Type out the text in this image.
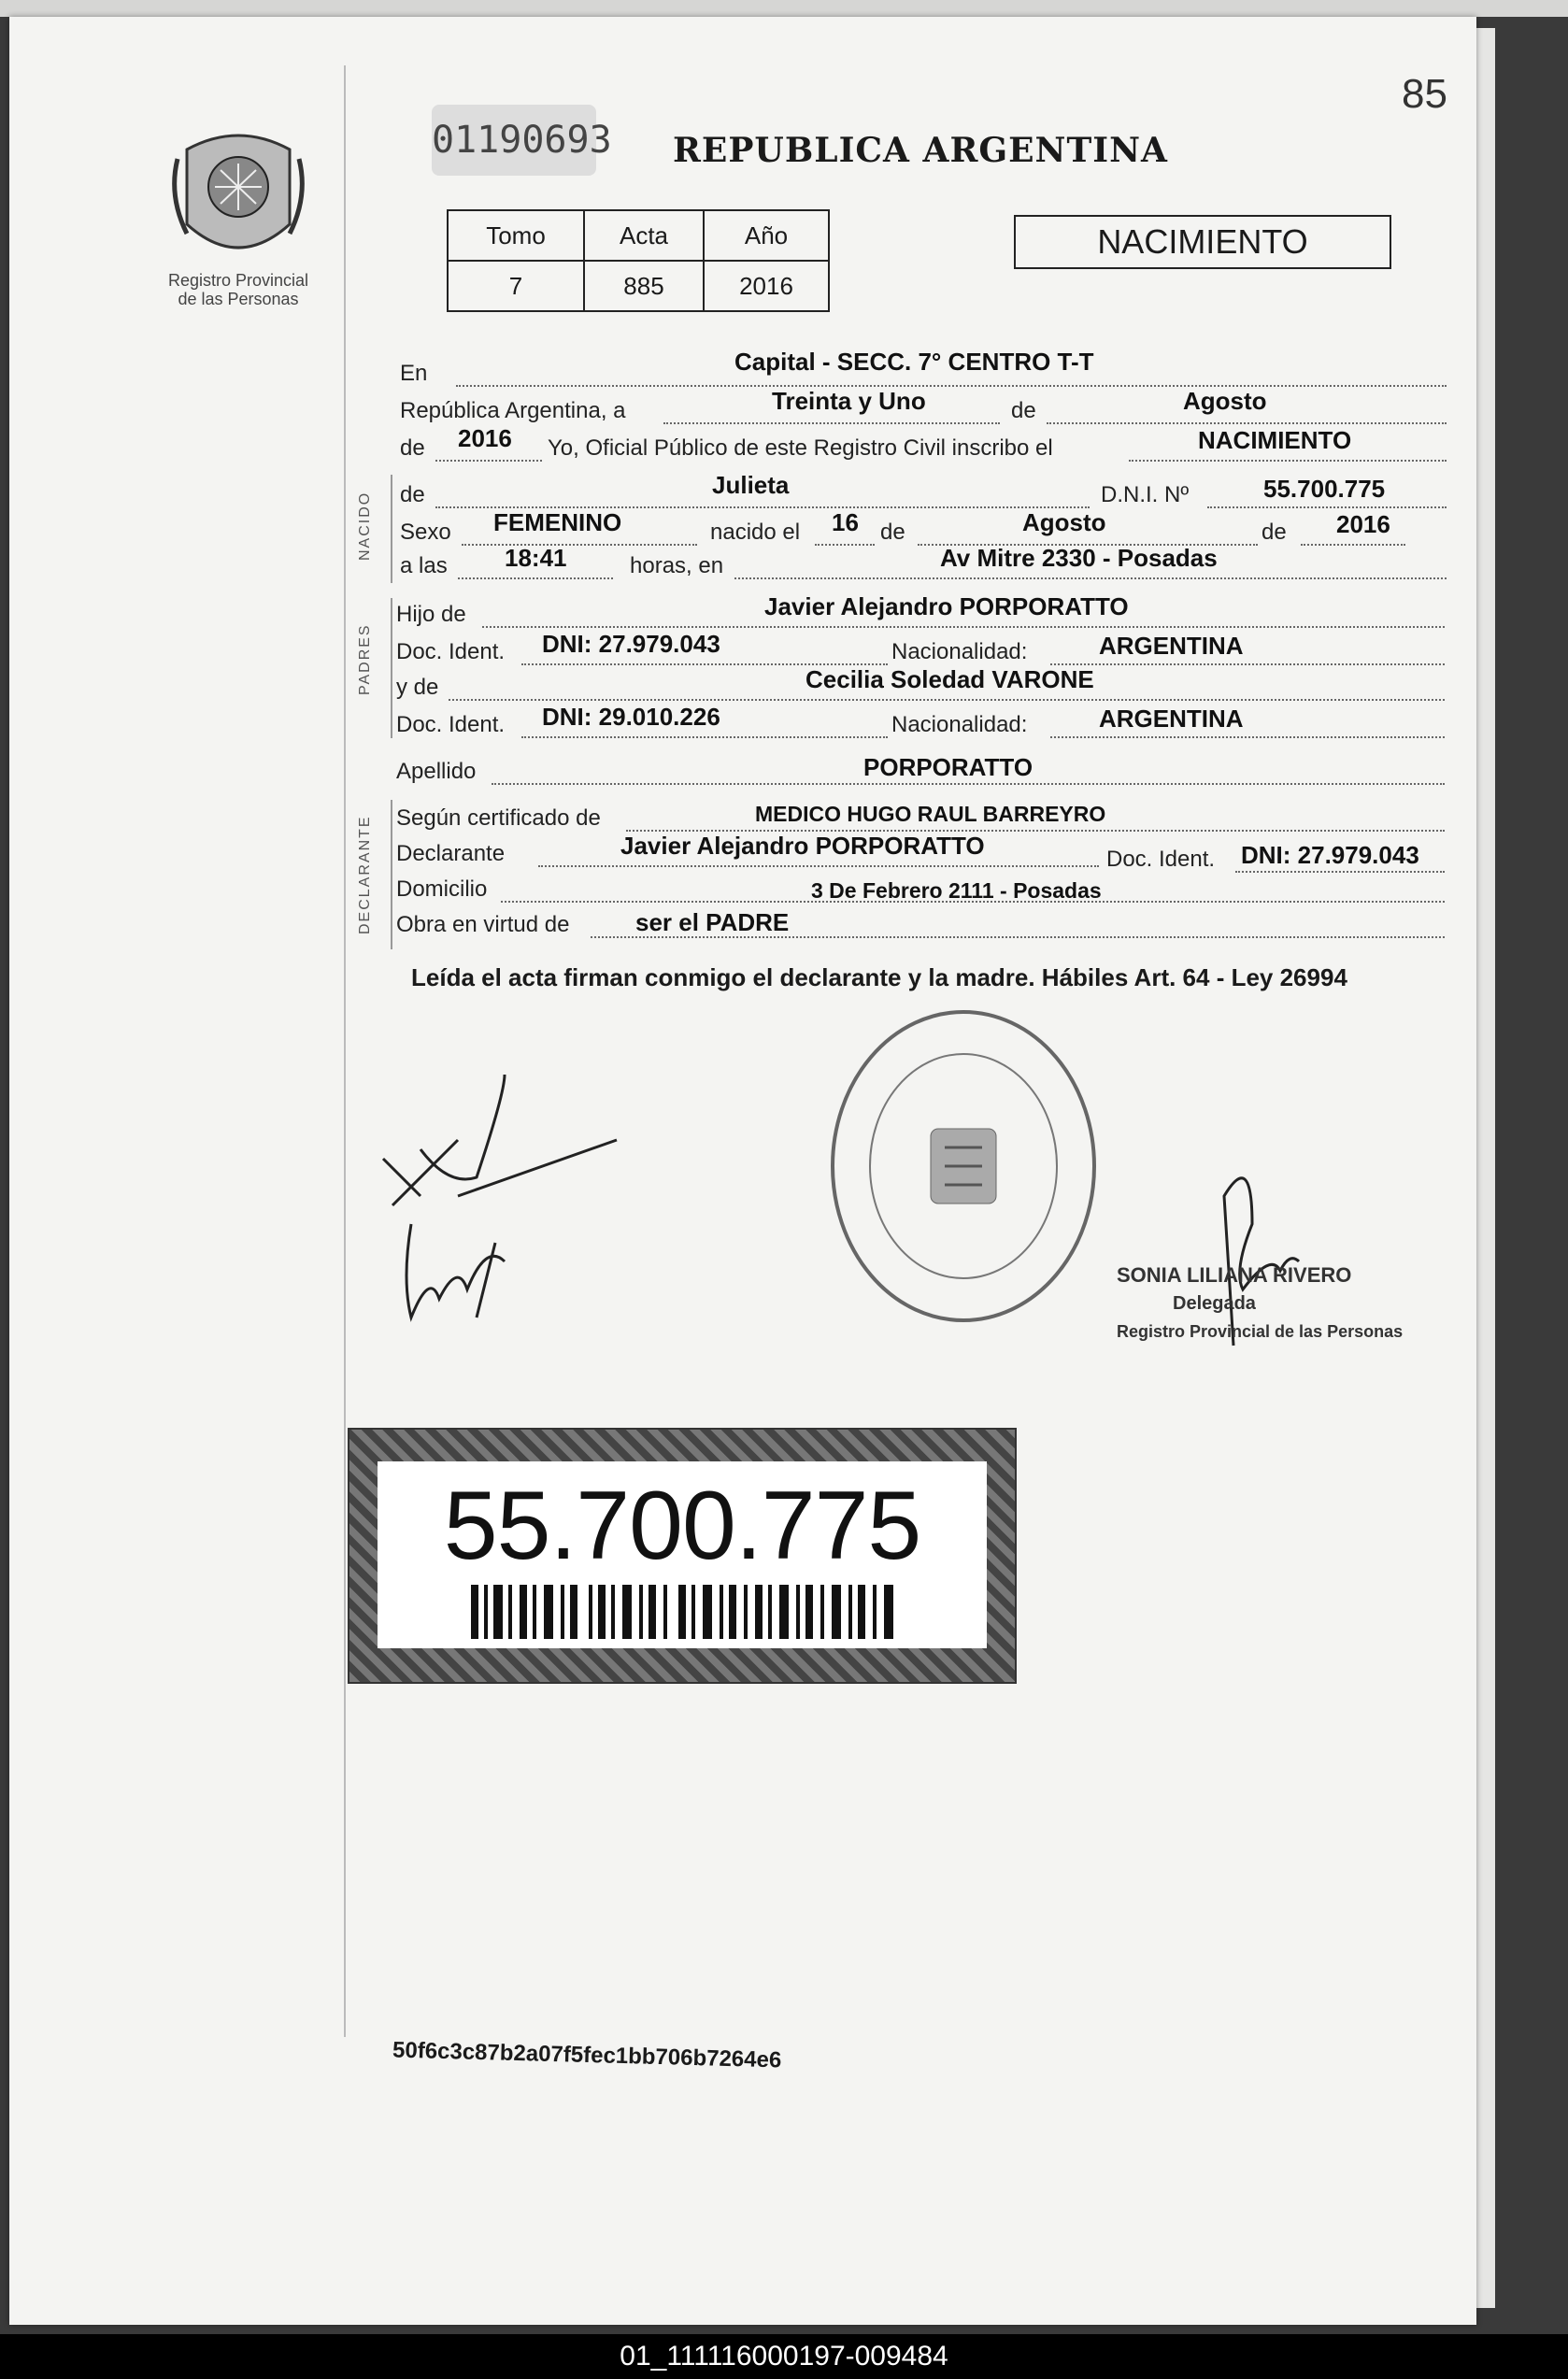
85
01190693 REPUBLICA ARGENTINA
Registro Provincial
de las Personas
Tomo	Acta	Año
7	885	2016
NACIMIENTO
En	Capital - SECC. 7° CENTRO T-T
República Argentina, a	Treinta y Uno	de	Agosto
de 2016 Yo, Oficial Público de este Registro Civil inscribo el	NACIMIENTO
NACIDO de	Julieta	D.N.I. Nº	55.700.775
Sexo FEMENINO	nacido el 16 de	Agosto	de 2016
a las 18:41	horas, en	Av Mitre 2330 - Posadas
PADRES
Hijo de	Javier Alejandro PORPORATTO
Doc. Ident. DNI: 27.979.043	Nacionalidad:	ARGENTINA
y de	Cecilia Soledad VARONE
Doc. Ident. DNI: 29.010.226	Nacionalidad:	ARGENTINA
Apellido	PORPORATTO
DECLARANTE Según certificado de	MEDICO HUGO RAUL BARREYRO
Declarante	Javier Alejandro PORPORATTO	Doc. Ident. DNI: 27.979.043
Domicilio	3 De Febrero 2111 - Posadas
Obra en virtud de	ser el PADRE
Leída el acta firman conmigo el declarante y la madre. Hábiles Art. 64 - Ley 26994
SONIA LILIANA RIVERO
Delegada
Registro Provincial de las Personas
55.700.775
50f6c3c87b2a07f5fec1bb706b7264e6
01_111116000197-009484
